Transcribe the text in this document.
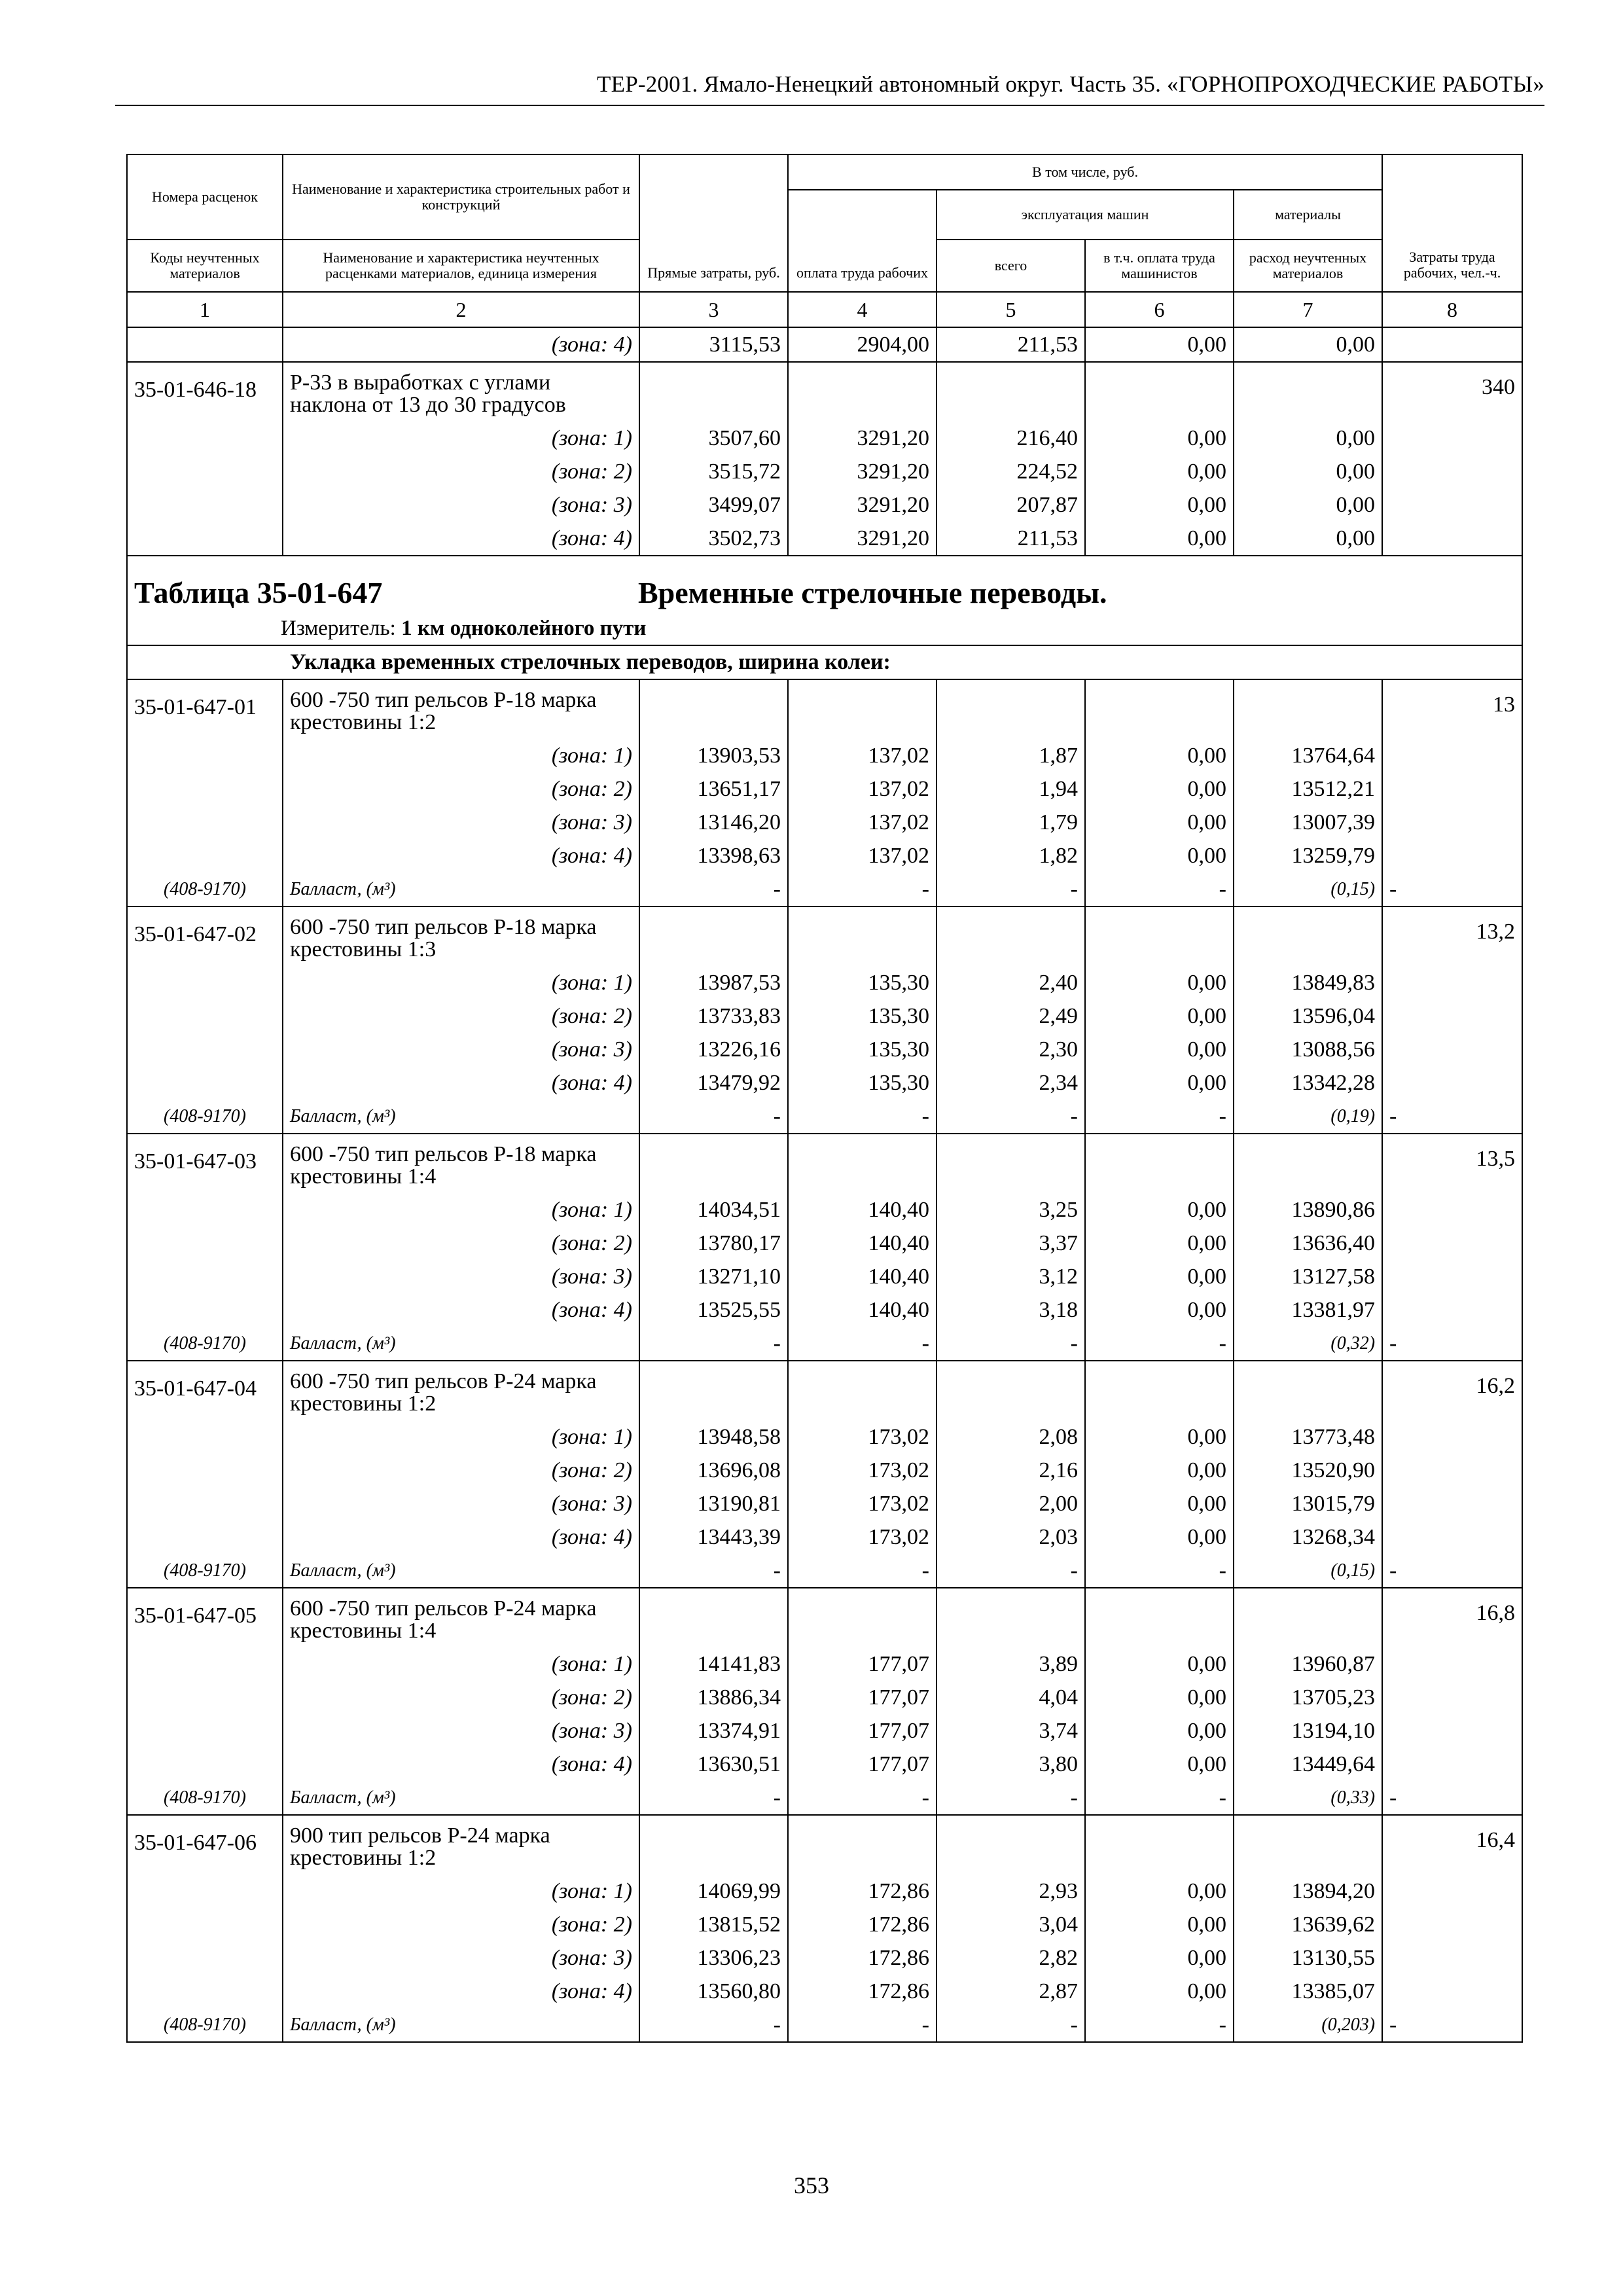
ТЕР-2001. Ямало-Ненецкий автономный округ. Часть 35. «ГОРНОПРОХОДЧЕСКИЕ РАБОТЫ»
Номера расценок	Наименование и характеристика строительных работ и конструкций	Прямые затраты, руб.	В том числе, руб.				Затраты труда рабочих, чел.-ч.
			оплата труда рабочих	эксплуатация машин		материалы	
Коды неучтенных материалов	Наименование и характеристика неучтенных расценками материалов, единица измерения			всего	в т.ч. оплата труда машинистов	расход неучтенных материалов	

1	2	3	4	5	6	7	8
	(зона: 4)	3115,53	2904,00	211,53	0,00	0,00	
35-01-646-18	Р-33 в выработках с углами наклона от 13 до 30 градусов						340
	(зона: 1)	3507,60	3291,20	216,40	0,00	0,00	
	(зона: 2)	3515,72	3291,20	224,52	0,00	0,00	
	(зона: 3)	3499,07	3291,20	207,87	0,00	0,00	
	(зона: 4)	3502,73	3291,20	211,53	0,00	0,00	
Таблица 35-01-647 Временные стрелочные переводы.							
Измеритель: 1 км одноколейного пути							
Укладка временных стрелочных переводов, ширина колеи:							
35-01-647-01	600 -750 тип рельсов Р-18 марка крестовины 1:2						13
	(зона: 1)	13903,53	137,02	1,87	0,00	13764,64	
	(зона: 2)	13651,17	137,02	1,94	0,00	13512,21	
	(зона: 3)	13146,20	137,02	1,79	0,00	13007,39	
	(зона: 4)	13398,63	137,02	1,82	0,00	13259,79	
(408-9170)	Балласт, (м³)	-	-	-	-	(0,15)	-
35-01-647-02	600 -750 тип рельсов Р-18 марка крестовины 1:3						13,2
	(зона: 1)	13987,53	135,30	2,40	0,00	13849,83	
	(зона: 2)	13733,83	135,30	2,49	0,00	13596,04	
	(зона: 3)	13226,16	135,30	2,30	0,00	13088,56	
	(зона: 4)	13479,92	135,30	2,34	0,00	13342,28	
(408-9170)	Балласт, (м³)	-	-	-	-	(0,19)	-
35-01-647-03	600 -750 тип рельсов Р-18 марка крестовины 1:4						13,5
	(зона: 1)	14034,51	140,40	3,25	0,00	13890,86	
	(зона: 2)	13780,17	140,40	3,37	0,00	13636,40	
	(зона: 3)	13271,10	140,40	3,12	0,00	13127,58	
	(зона: 4)	13525,55	140,40	3,18	0,00	13381,97	
(408-9170)	Балласт, (м³)	-	-	-	-	(0,32)	-
35-01-647-04	600 -750 тип рельсов Р-24 марка крестовины 1:2						16,2
	(зона: 1)	13948,58	173,02	2,08	0,00	13773,48	
	(зона: 2)	13696,08	173,02	2,16	0,00	13520,90	
	(зона: 3)	13190,81	173,02	2,00	0,00	13015,79	
	(зона: 4)	13443,39	173,02	2,03	0,00	13268,34	
(408-9170)	Балласт, (м³)	-	-	-	-	(0,15)	-
35-01-647-05	600 -750 тип рельсов Р-24 марка крестовины 1:4						16,8
	(зона: 1)	14141,83	177,07	3,89	0,00	13960,87	
	(зона: 2)	13886,34	177,07	4,04	0,00	13705,23	
	(зона: 3)	13374,91	177,07	3,74	0,00	13194,10	
	(зона: 4)	13630,51	177,07	3,80	0,00	13449,64	
(408-9170)	Балласт, (м³)	-	-	-	-	(0,33)	-
35-01-647-06	900 тип рельсов Р-24 марка крестовины 1:2						16,4
	(зона: 1)	14069,99	172,86	2,93	0,00	13894,20	
	(зона: 2)	13815,52	172,86	3,04	0,00	13639,62	
	(зона: 3)	13306,23	172,86	2,82	0,00	13130,55	
	(зона: 4)	13560,80	172,86	2,87	0,00	13385,07	
(408-9170)	Балласт, (м³)	-	-	-	-	(0,203)	-
353
